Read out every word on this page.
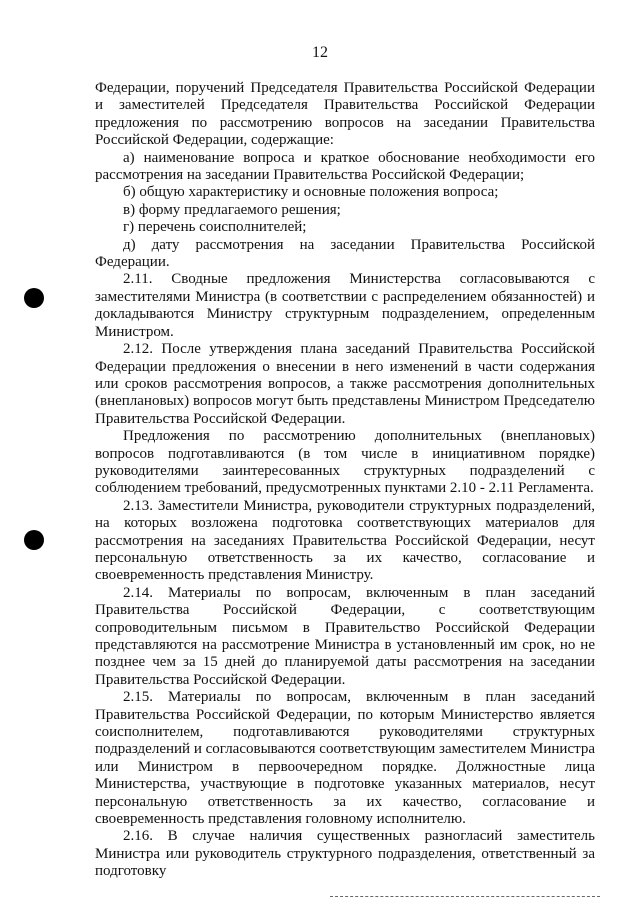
12

Федерации, поручений Председателя Правительства Российской Федерации и заместителей Председателя Правительства Российской Федерации предложения по рассмотрению вопросов на заседании Правительства Российской Федерации, содержащие:

а) наименование вопроса и краткое обоснование необходимости его рассмотрения на заседании Правительства Российской Федерации;

б) общую характеристику и основные положения вопроса;

в) форму предлагаемого решения;

г) перечень соисполнителей;

д) дату рассмотрения на заседании Правительства Российской Федерации.

2.11. Сводные предложения Министерства согласовываются с заместителями Министра (в соответствии с распределением обязанностей) и докладываются Министру структурным подразделением, определенным Министром.

2.12. После утверждения плана заседаний Правительства Российской Федерации предложения о внесении в него изменений в части содержания или сроков рассмотрения вопросов, а также рассмотрения дополнительных (внеплановых) вопросов могут быть представлены Министром Председателю Правительства Российской Федерации.

Предложения по рассмотрению дополнительных (внеплановых) вопросов подготавливаются (в том числе в инициативном порядке) руководителями заинтересованных структурных подразделений с соблюдением требований, предусмотренных пунктами 2.10 - 2.11 Регламента.

2.13. Заместители Министра, руководители структурных подразделений, на которых возложена подготовка соответствующих материалов для рассмотрения на заседаниях Правительства Российской Федерации, несут персональную ответственность за их качество, согласование и своевременность представления Министру.

2.14. Материалы по вопросам, включенным в план заседаний Правительства Российской Федерации, с соответствующим сопроводительным письмом в Правительство Российской Федерации представляются на рассмотрение Министра в установленный им срок, но не позднее чем за 15 дней до планируемой даты рассмотрения на заседании Правительства Российской Федерации.

2.15. Материалы по вопросам, включенным в план заседаний Правительства Российской Федерации, по которым Министерство является соисполнителем, подготавливаются руководителями структурных подразделений и согласовываются соответствующим заместителем Министра или Министром в первоочередном порядке. Должностные лица Министерства, участвующие в подготовке указанных материалов, несут персональную ответственность за их качество, согласование и своевременность представления головному исполнителю.

2.16. В случае наличия существенных разногласий заместитель Министра или руководитель структурного подразделения, ответственный за подготовку
